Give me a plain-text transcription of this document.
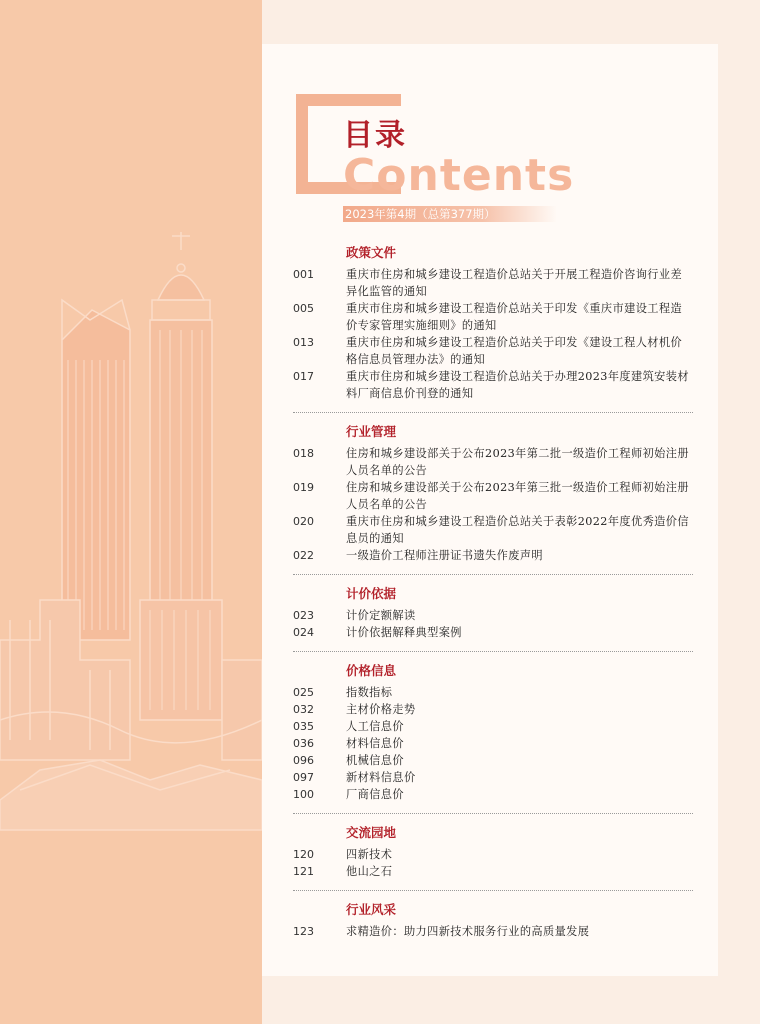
目录
Contents
2023年第4期（总第377期）
政策文件
001	重庆市住房和城乡建设工程造价总站关于开展工程造价咨询行业差异化监管的通知
005	重庆市住房和城乡建设工程造价总站关于印发《重庆市建设工程造价专家管理实施细则》的通知
013	重庆市住房和城乡建设工程造价总站关于印发《建设工程人材机价格信息员管理办法》的通知
017	重庆市住房和城乡建设工程造价总站关于办理2023年度建筑安装材料厂商信息价刊登的通知
行业管理
018	住房和城乡建设部关于公布2023年第二批一级造价工程师初始注册人员名单的公告
019	住房和城乡建设部关于公布2023年第三批一级造价工程师初始注册人员名单的公告
020	重庆市住房和城乡建设工程造价总站关于表彰2022年度优秀造价信息员的通知
022	一级造价工程师注册证书遗失作废声明
计价依据
023	计价定额解读
024	计价依据解释典型案例
价格信息
025	指数指标
032	主材价格走势
035	人工信息价
036	材料信息价
096	机械信息价
097	新材料信息价
100	厂商信息价
交流园地
120	四新技术
121	他山之石
行业风采
123	求精造价：助力四新技术服务行业的高质量发展
